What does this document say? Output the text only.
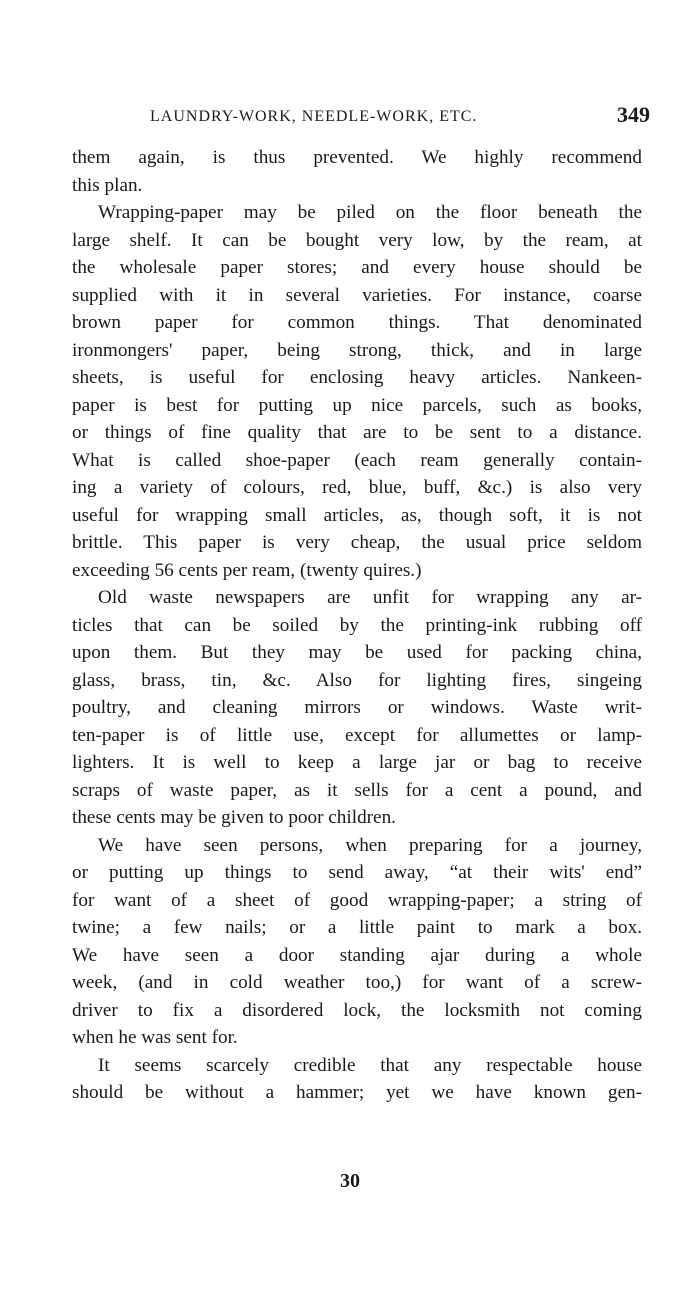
LAUNDRY-WORK, NEEDLE-WORK, ETC.	349
them again, is thus prevented. We highly recommend
this plan.
Wrapping-paper may be piled on the floor beneath the
large shelf. It can be bought very low, by the ream, at
the wholesale paper stores; and every house should be
supplied with it in several varieties. For instance, coarse
brown paper for common things. That denominated
ironmongers' paper, being strong, thick, and in large
sheets, is useful for enclosing heavy articles. Nankeen-
paper is best for putting up nice parcels, such as books,
or things of fine quality that are to be sent to a distance.
What is called shoe-paper (each ream generally contain-
ing a variety of colours, red, blue, buff, &c.) is also very
useful for wrapping small articles, as, though soft, it is not
brittle. This paper is very cheap, the usual price seldom
exceeding 56 cents per ream, (twenty quires.)
Old waste newspapers are unfit for wrapping any ar-
ticles that can be soiled by the printing-ink rubbing off
upon them. But they may be used for packing china,
glass, brass, tin, &c. Also for lighting fires, singeing
poultry, and cleaning mirrors or windows. Waste writ-
ten-paper is of little use, except for allumettes or lamp-
lighters. It is well to keep a large jar or bag to receive
scraps of waste paper, as it sells for a cent a pound, and
these cents may be given to poor children.
We have seen persons, when preparing for a journey,
or putting up things to send away, “at their wits' end”
for want of a sheet of good wrapping-paper; a string of
twine; a few nails; or a little paint to mark a box.
We have seen a door standing ajar during a whole
week, (and in cold weather too,) for want of a screw-
driver to fix a disordered lock, the locksmith not coming
when he was sent for.
It seems scarcely credible that any respectable house
should be without a hammer; yet we have known gen-
30
